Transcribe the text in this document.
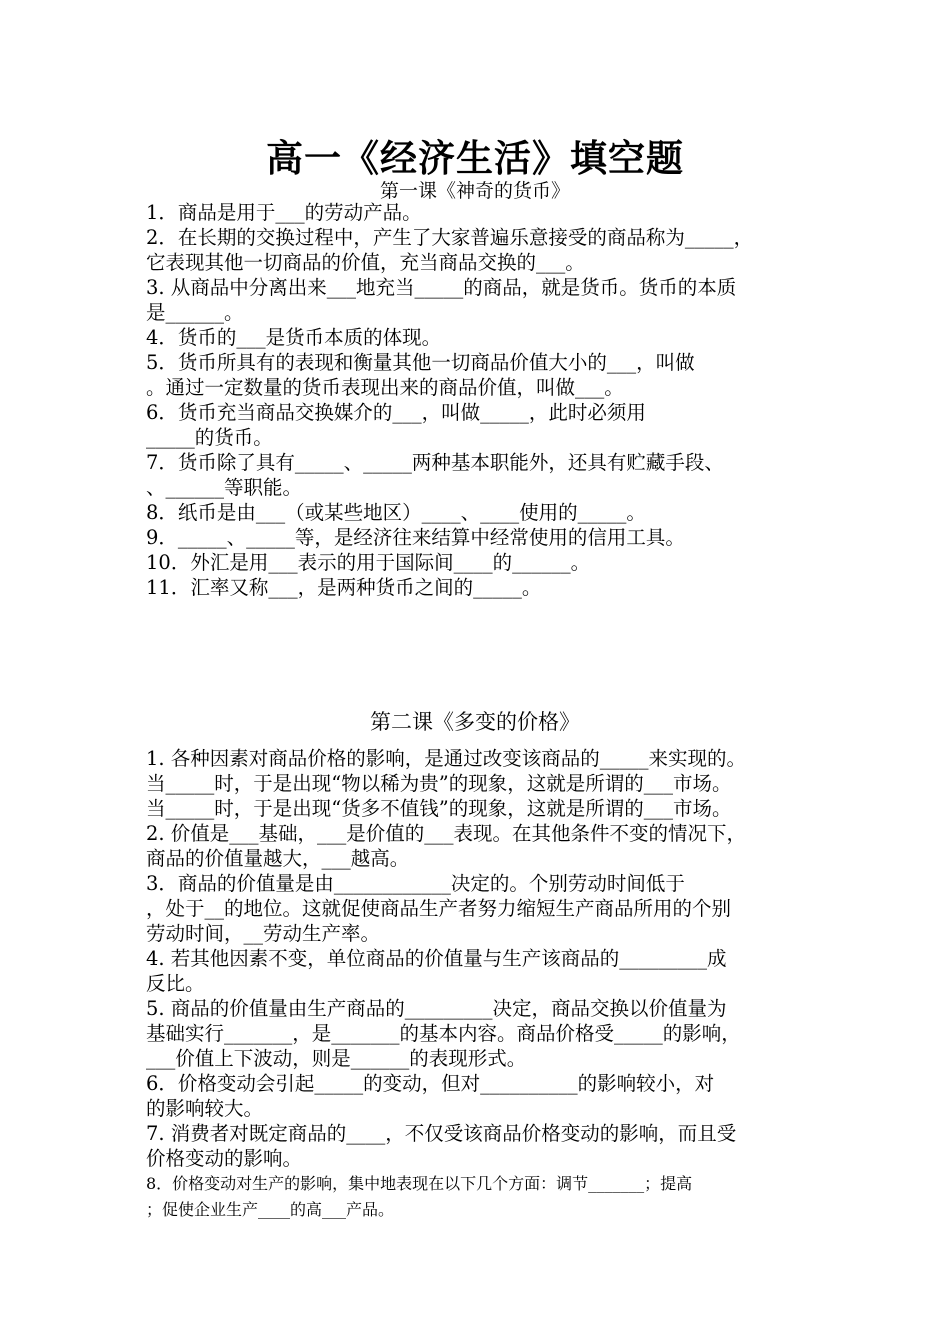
高一《经济生活》填空题
第一课《神奇的货币》
1．商品是用于___的劳动产品。
2．在长期的交换过程中，产生了大家普遍乐意接受的商品称为_____，
它表现其他一切商品的价值，充当商品交换的___。
3. 从商品中分离出来___地充当_____的商品，就是货币。货币的本质
是______。
4．货币的___是货币本质的体现。
5．货币所具有的表现和衡量其他一切商品价值大小的___，叫做
。通过一定数量的货币表现出来的商品价值，叫做___。
6．货币充当商品交换媒介的___，叫做_____，此时必须用
_____的货币。
7．货币除了具有_____、_____两种基本职能外，还具有贮藏手段、
、______等职能。
8．纸币是由___（或某些地区）____、____使用的_____。
9．_____、_____等，是经济往来结算中经常使用的信用工具。
10．外汇是用___表示的用于国际间____的______。
11．汇率又称___，是两种货币之间的_____。
第二课《多变的价格》
1. 各种因素对商品价格的影响，是通过改变该商品的_____来实现的。
当_____时，于是出现“物以稀为贵”的现象，这就是所谓的___市场。
当_____时，于是出现“货多不值钱”的现象，这就是所谓的___市场。
2. 价值是___基础，___是价值的___表现。在其他条件不变的情况下，
商品的价值量越大，___越高。
3．商品的价值量是由____________决定的。个别劳动时间低于
，处于__的地位。这就促使商品生产者努力缩短生产商品所用的个别
劳动时间，__劳动生产率。
4. 若其他因素不变，单位商品的价值量与生产该商品的_________成
反比。
5. 商品的价值量由生产商品的_________决定，商品交换以价值量为
基础实行_______，是_______的基本内容。商品价格受_____的影响，
___价值上下波动，则是______的表现形式。
6．价格变动会引起_____的变动，但对__________的影响较小，对
的影响较大。
7. 消费者对既定商品的____，不仅受该商品价格变动的影响，而且受
价格变动的影响。
8．价格变动对生产的影响，集中地表现在以下几个方面：调节_______；提高
；促使企业生产____的高___产品。
